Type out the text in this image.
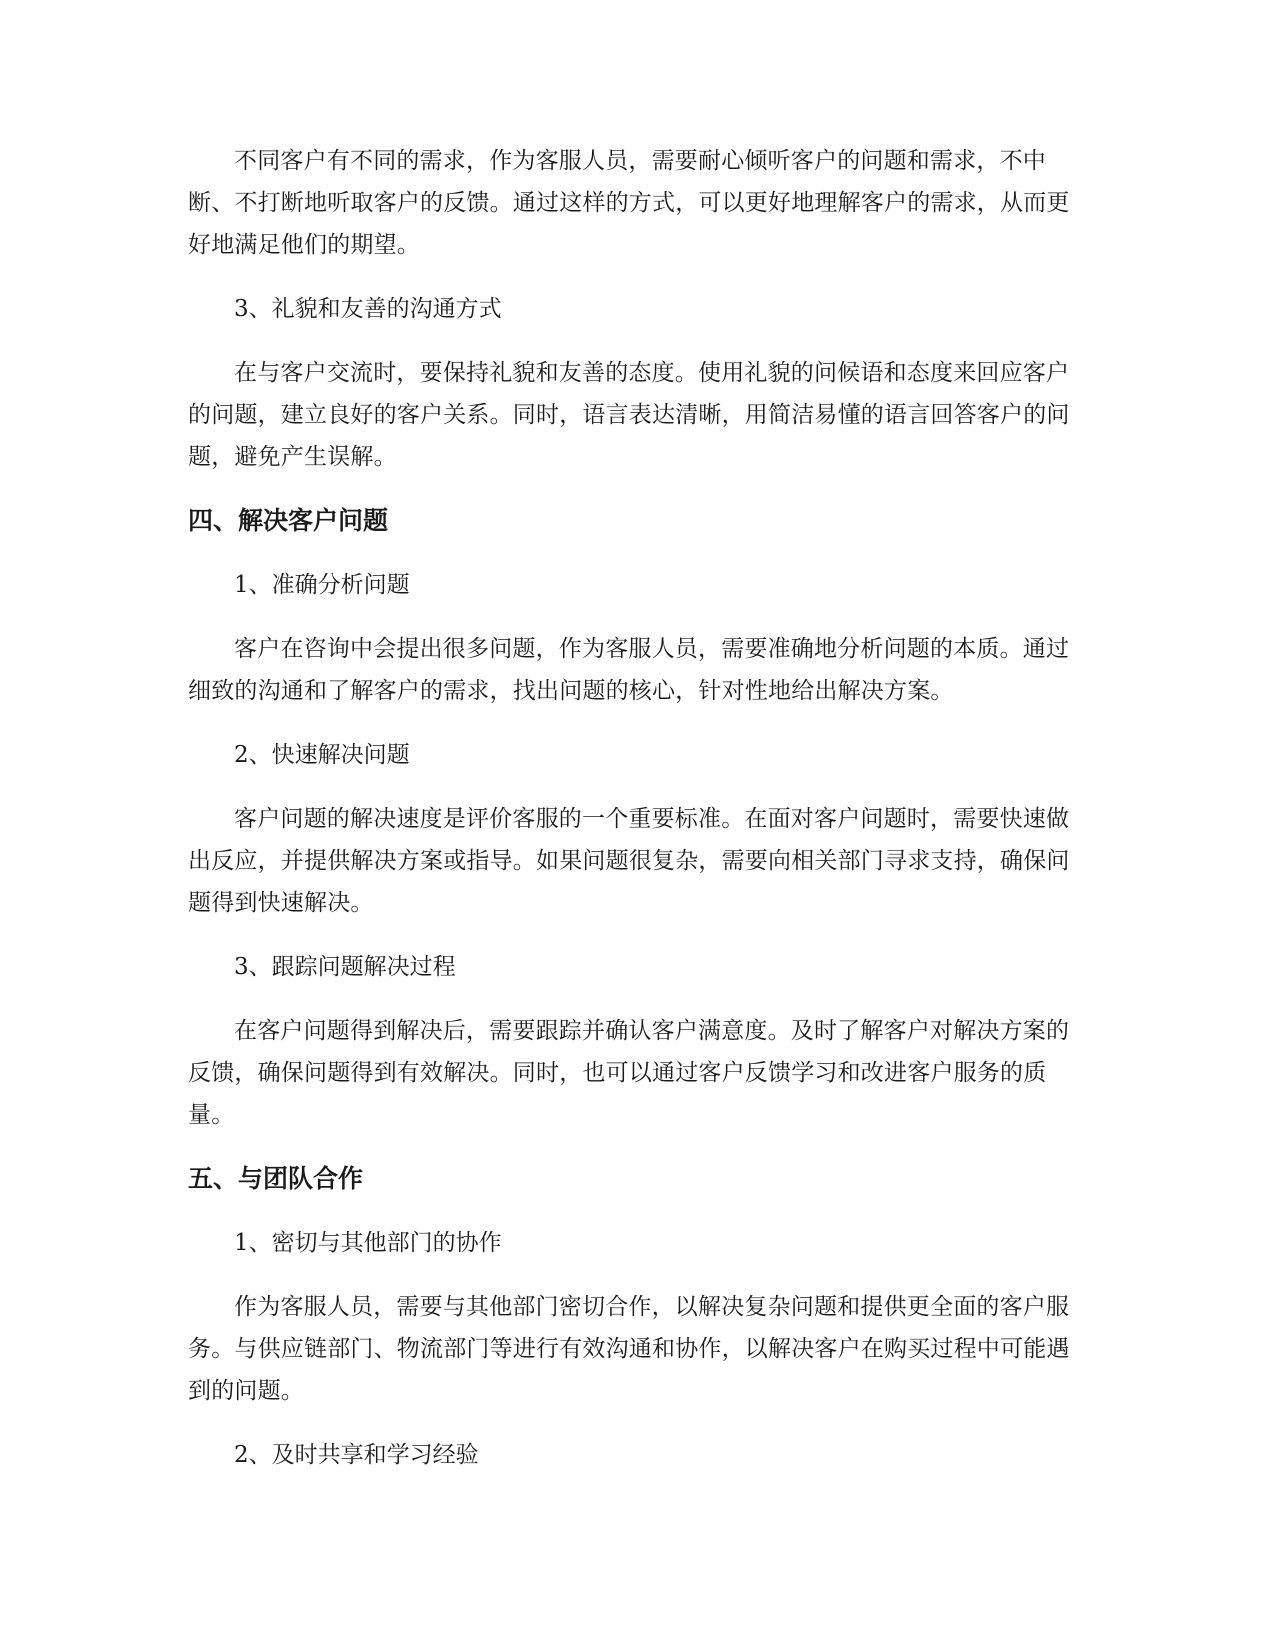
不同客户有不同的需求，作为客服人员，需要耐心倾听客户的问题和需求，不中断、不打断地听取客户的反馈。通过这样的方式，可以更好地理解客户的需求，从而更好地满足他们的期望。

3、礼貌和友善的沟通方式

在与客户交流时，要保持礼貌和友善的态度。使用礼貌的问候语和态度来回应客户的问题，建立良好的客户关系。同时，语言表达清晰，用简洁易懂的语言回答客户的问题，避免产生误解。

四、解决客户问题

1、准确分析问题

客户在咨询中会提出很多问题，作为客服人员，需要准确地分析问题的本质。通过细致的沟通和了解客户的需求，找出问题的核心，针对性地给出解决方案。

2、快速解决问题

客户问题的解决速度是评价客服的一个重要标准。在面对客户问题时，需要快速做出反应，并提供解决方案或指导。如果问题很复杂，需要向相关部门寻求支持，确保问题得到快速解决。

3、跟踪问题解决过程

在客户问题得到解决后，需要跟踪并确认客户满意度。及时了解客户对解决方案的反馈，确保问题得到有效解决。同时，也可以通过客户反馈学习和改进客户服务的质量。

五、与团队合作

1、密切与其他部门的协作

作为客服人员，需要与其他部门密切合作，以解决复杂问题和提供更全面的客户服务。与供应链部门、物流部门等进行有效沟通和协作，以解决客户在购买过程中可能遇到的问题。

2、及时共享和学习经验
